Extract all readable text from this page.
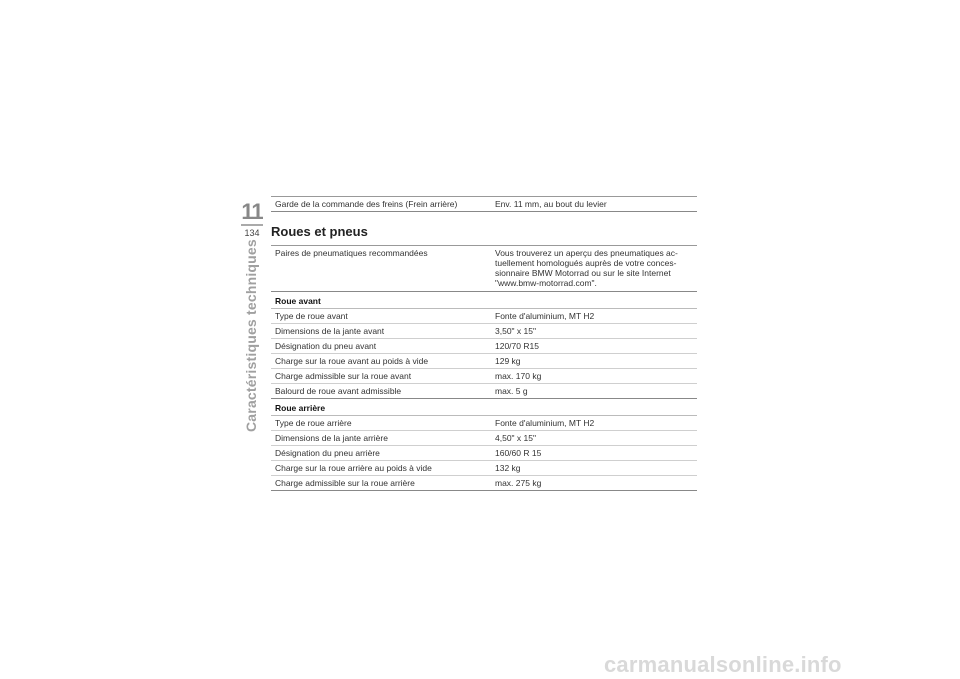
11
134
Caractéristiques techniques
Garde de la commande des freins (Frein arrière)	Env. 11 mm, au bout du levier
Roues et pneus
Paires de pneumatiques recommandées	Vous trouverez un aperçu des pneumatiques ac-
tuellement homologués auprès de votre conces-
sionnaire BMW Motorrad ou sur le site Internet
"www.bmw-motorrad.com".
Roue avant	
Type de roue avant	Fonte d'aluminium, MT H2
Dimensions de la jante avant	3,50" x 15"
Désignation du pneu avant	120/70 R15
Charge sur la roue avant au poids à vide	129 kg
Charge admissible sur la roue avant	max. 170 kg
Balourd de roue avant admissible	max. 5 g
Roue arrière	
Type de roue arrière	Fonte d'aluminium, MT H2
Dimensions de la jante arrière	4,50" x 15"
Désignation du pneu arrière	160/60 R 15
Charge sur la roue arrière au poids à vide	132 kg
Charge admissible sur la roue arrière	max. 275 kg
carmanualsonline.info
